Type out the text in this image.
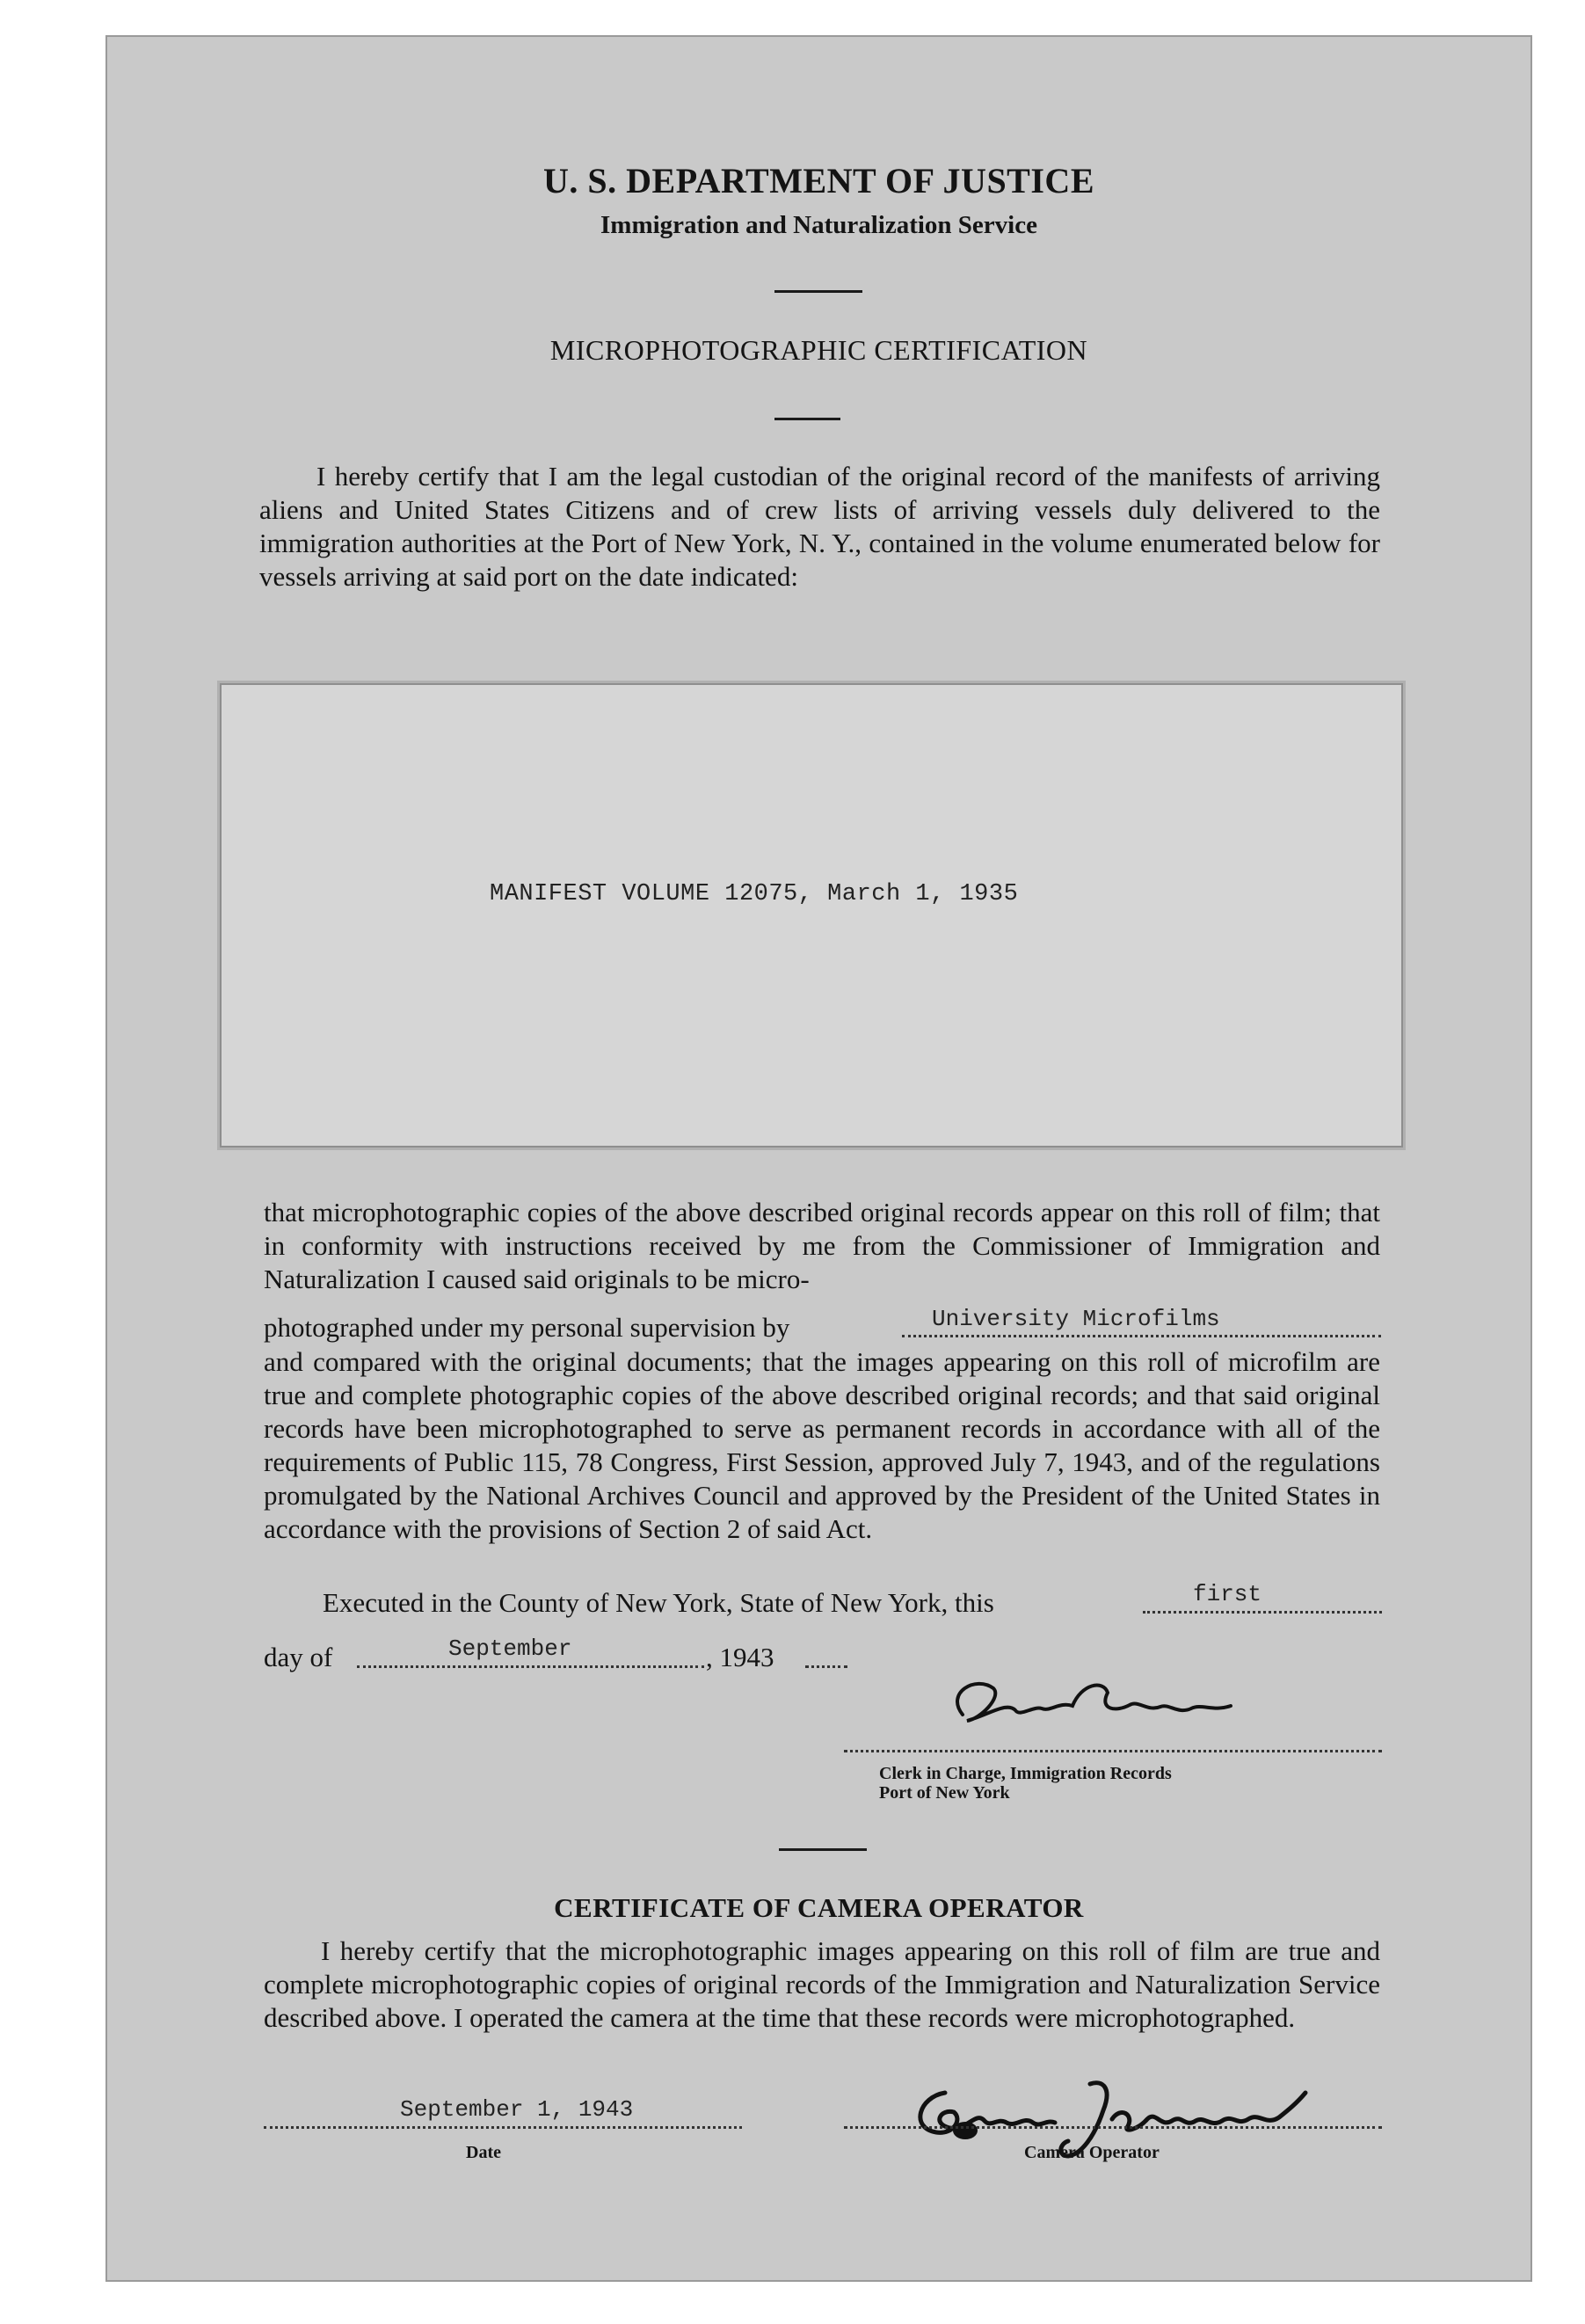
U. S. DEPARTMENT OF JUSTICE
Immigration and Naturalization Service
MICROPHOTOGRAPHIC CERTIFICATION
I hereby certify that I am the legal custodian of the original record of the manifests of arriving aliens and United States Citizens and of crew lists of arriving vessels duly delivered to the immigration authorities at the Port of New York, N. Y., contained in the volume enumerated below for vessels arriving at said port on the date indicated:
MANIFEST VOLUME 12075, March 1, 1935
that microphotographic copies of the above described original records appear on this roll of film; that in conformity with instructions received by me from the Commissioner of Immigration and Naturalization I caused said originals to be micro-
photographed under my personal supervision by	University Microfilms
and compared with the original documents; that the images appearing on this roll of microfilm are true and complete photographic copies of the above described original records; and that said original records have been microphotographed to serve as permanent records in accordance with all of the requirements of Public 115, 78 Congress, First Session, approved July 7, 1943, and of the regulations promulgated by the National Archives Council and approved by the President of the United States in accordance with the provisions of Section 2 of said Act.
Executed in the County of New York, State of New York, this	first
day of	September	, 1943
Clerk in Charge, Immigration Records
Port of New York
CERTIFICATE OF CAMERA OPERATOR
I hereby certify that the microphotographic images appearing on this roll of film are true and complete microphotographic copies of original records of the Immigration and Naturalization Service described above. I operated the camera at the time that these records were microphotographed.
September 1, 1943
Date	Camera Operator
